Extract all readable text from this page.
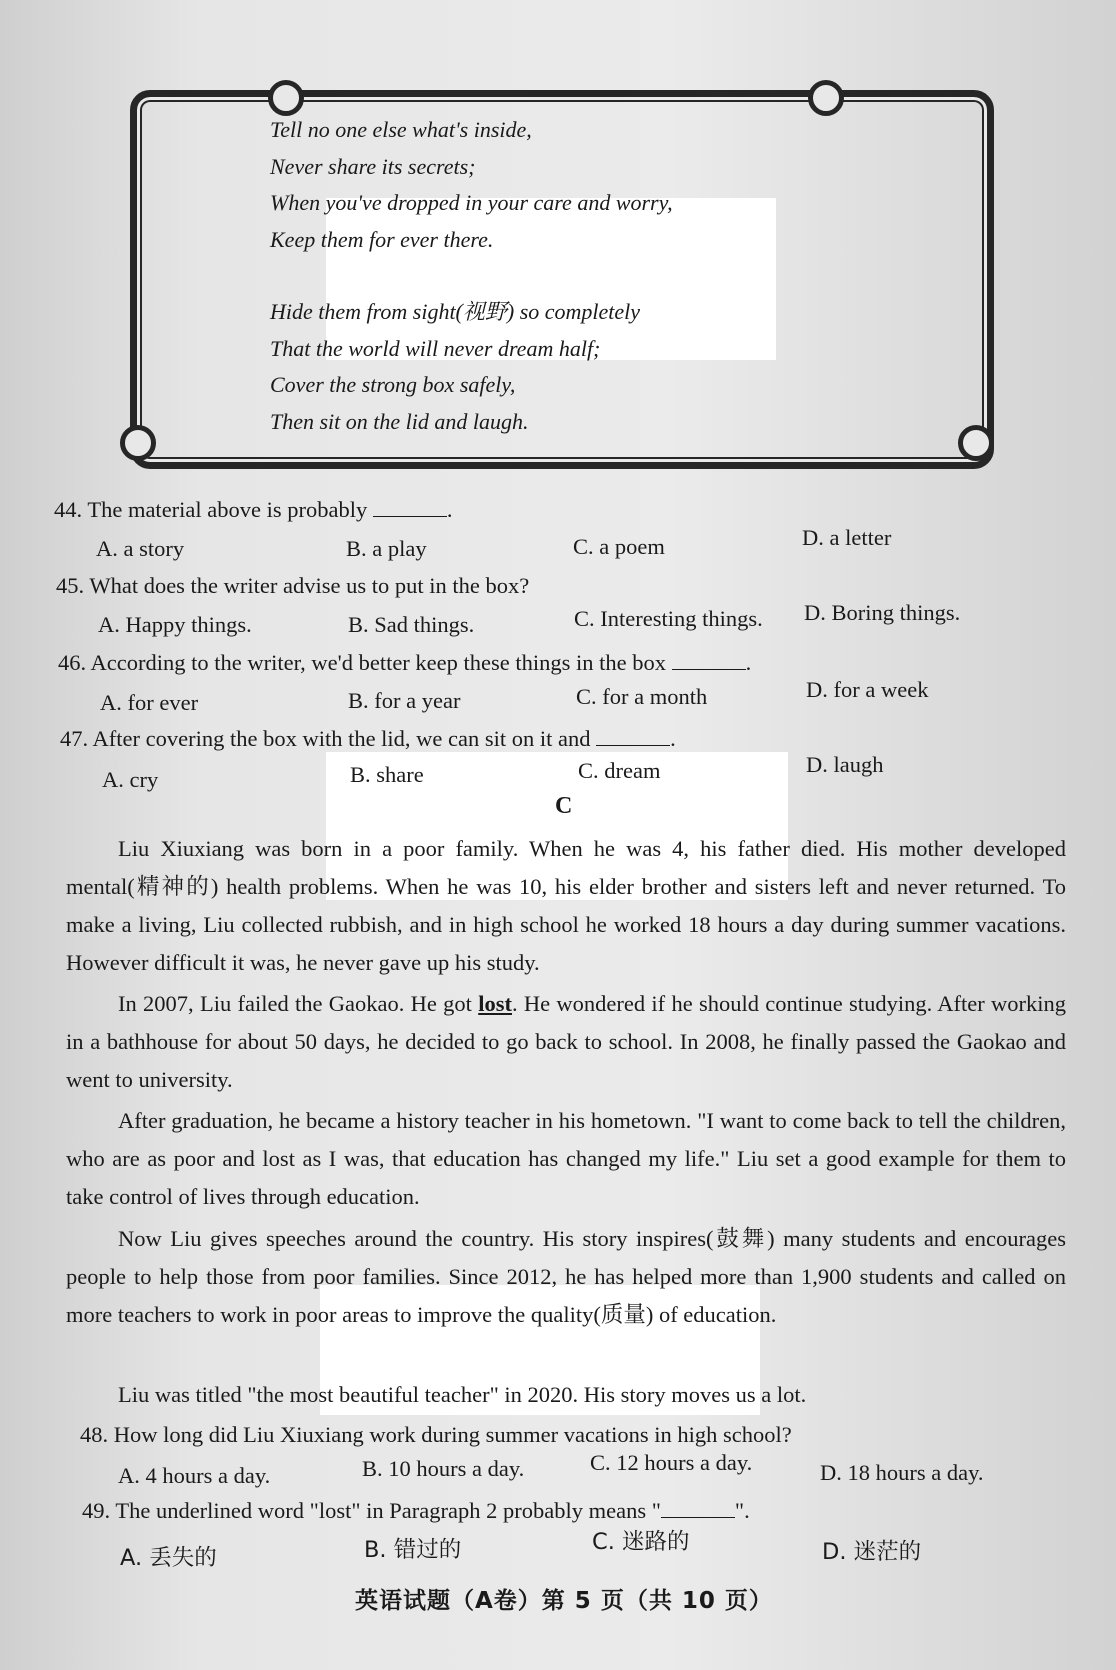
Tell no one else what's inside,
Never share its secrets;
When you've dropped in your care and worry,
Keep them for ever there.
Hide them from sight(视野) so completely
That the world will never dream half;
Cover the strong box safely,
Then sit on the lid and laugh.
44. The material above is probably	.
A. a story	B. a play	C. a poem	D. a letter
45. What does the writer advise us to put in the box?
A. Happy things.	B. Sad things.	C. Interesting things. D. Boring things.
46. According to the writer, we'd better keep these things in the box	.
A. for ever	B. for a year	C. for a month	D. for a week
47. After covering the box with the lid, we can sit on it and	.
A. cry	B. share	C. dream	D. laugh
C
Liu Xiuxiang was born in a poor family. When he was 4, his father died. His mother developed mental(精神的) health problems. When he was 10, his elder brother and sisters left and never returned. To make a living, Liu collected rubbish, and in high school he worked 18 hours a day during summer vacations. However difficult it was, he never gave up his study.
In 2007, Liu failed the Gaokao. He got lost. He wondered if he should continue studying. After working in a bathhouse for about 50 days, he decided to go back to school. In 2008, he finally passed the Gaokao and went to university.
After graduation, he became a history teacher in his hometown. "I want to come back to tell the children, who are as poor and lost as I was, that education has changed my life." Liu set a good example for them to take control of lives through education.
Now Liu gives speeches around the country. His story inspires(鼓舞) many students and encourages people to help those from poor families. Since 2012, he has helped more than 1,900 students and called on more teachers to work in poor areas to improve the quality(质量) of education.
Liu was titled "the most beautiful teacher" in 2020. His story moves us a lot.
48. How long did Liu Xiuxiang work during summer vacations in high school?
A. 4 hours a day.	B. 10 hours a day.	C. 12 hours a day.	D. 18 hours a day.
49. The underlined word "lost" in Paragraph 2 probably means "	".
A. 丢失的	B. 错过的	C. 迷路的	D. 迷茫的
英语试题（A卷）第 5 页（共 10 页）
